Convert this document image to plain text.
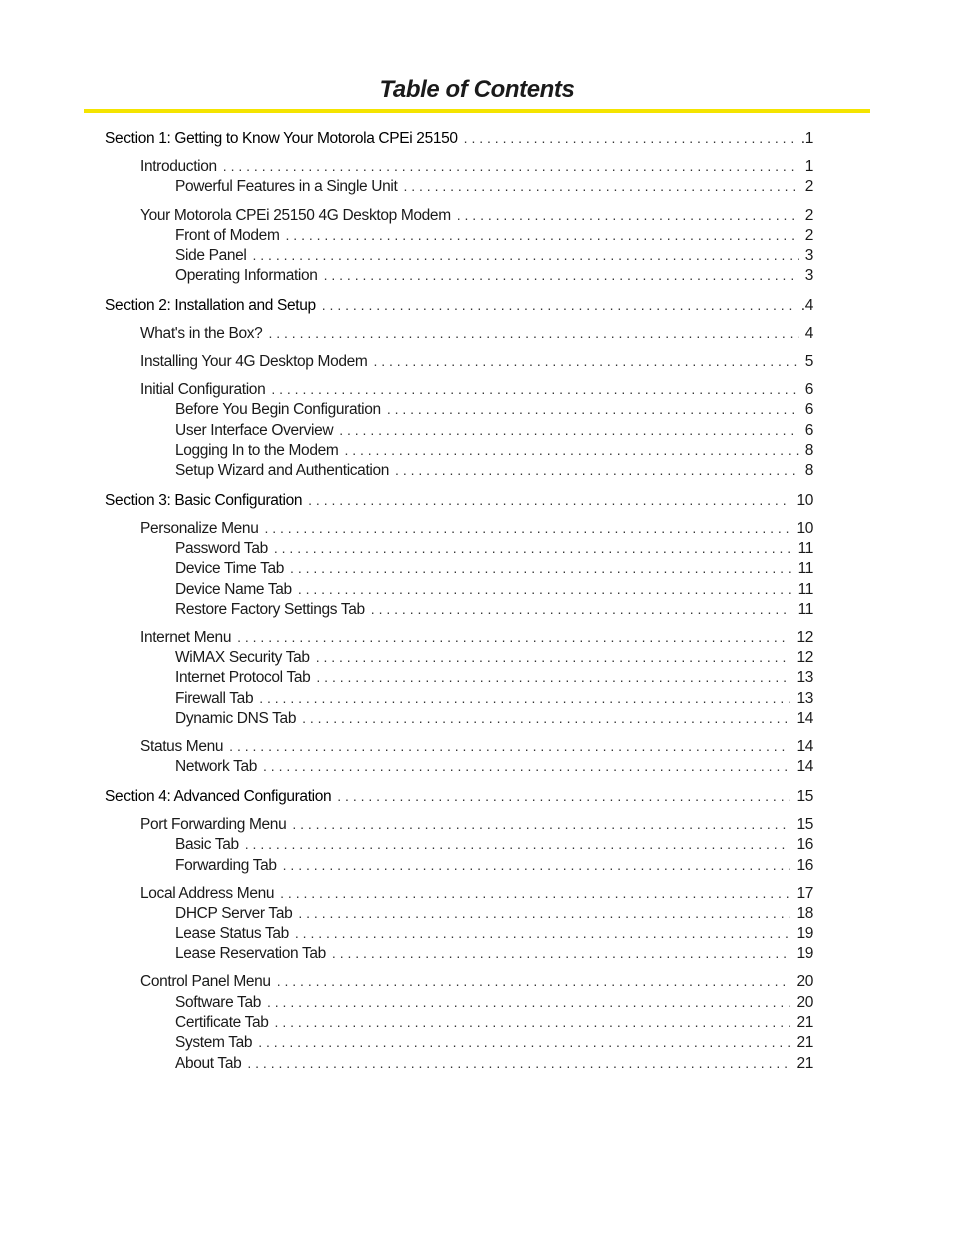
Table of Contents
Section 1: Getting to Know Your Motorola CPEi 25150 . . .	.1
Introduction . . .	1
Powerful Features in a Single Unit . . .	2
Your Motorola CPEi 25150 4G Desktop Modem . . .	2
Front of Modem . . .	2
Side Panel . . .	3
Operating Information . . .	3
Section 2: Installation and Setup . . .	.4
What's in the Box? . . .	4
Installing Your 4G Desktop Modem . . .	5
Initial Configuration . . .	6
Before You Begin Configuration . . .	6
User Interface Overview . . .	6
Logging In to the Modem . . .	8
Setup Wizard and Authentication . . .	8
Section 3: Basic Configuration . . .	10
Personalize Menu . . .	10
Password Tab . . .	11
Device Time Tab . . .	11
Device Name Tab . . .	11
Restore Factory Settings Tab . . .	11
Internet Menu . . .	12
WiMAX Security Tab . . .	12
Internet Protocol Tab . . .	13
Firewall Tab . . .	13
Dynamic DNS Tab . . .	14
Status Menu . . .	14
Network Tab . . .	14
Section 4: Advanced Configuration . . .	15
Port Forwarding Menu . . .	15
Basic Tab . . .	16
Forwarding Tab . . .	16
Local Address Menu . . .	17
DHCP Server Tab . . .	18
Lease Status Tab . . .	19
Lease Reservation Tab . . .	19
Control Panel Menu . . .	20
Software Tab . . .	20
Certificate Tab . . .	21
System Tab . . .	21
About Tab . . .	21
